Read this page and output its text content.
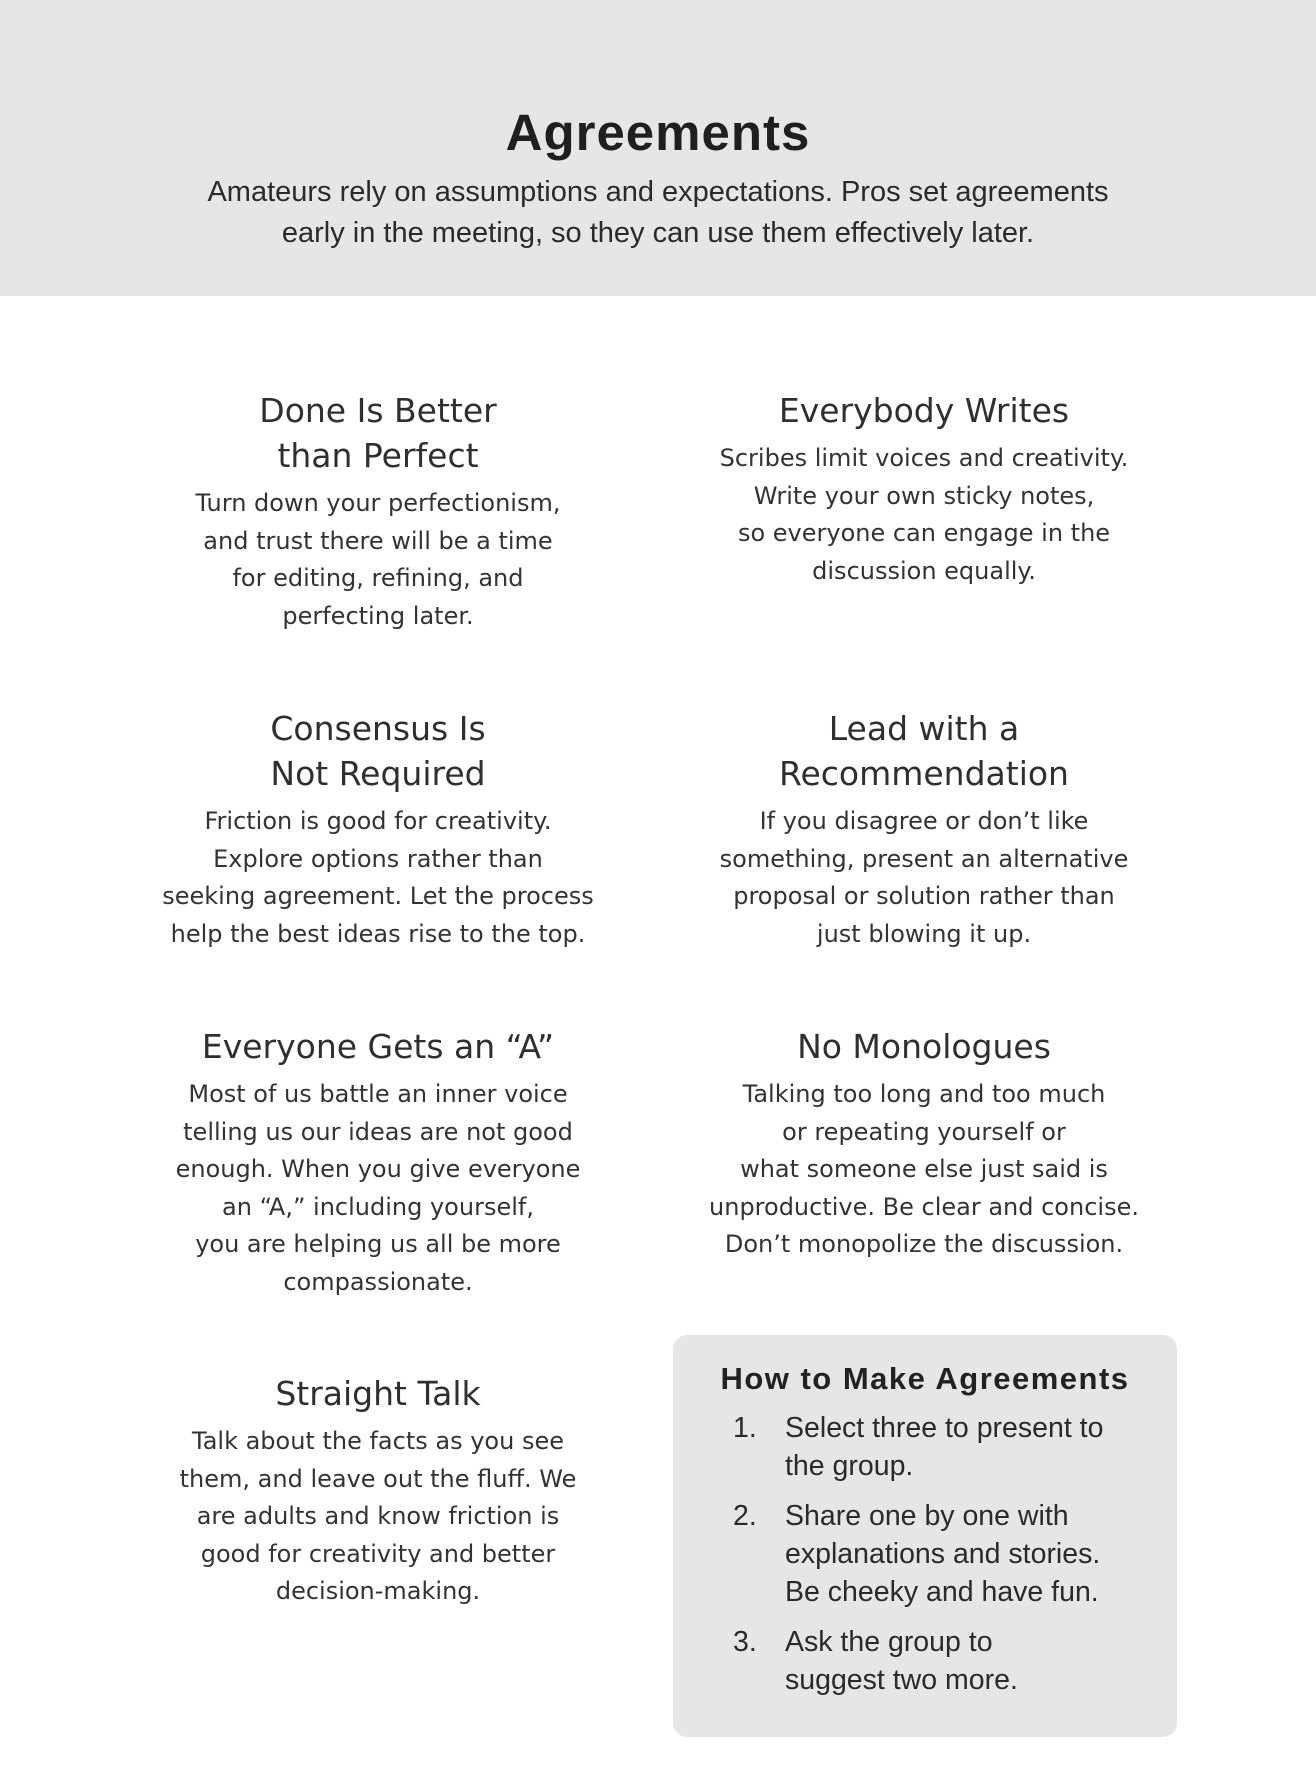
Agreements
Amateurs rely on assumptions and expectations. Pros set agreements
early in the meeting, so they can use them effectively later.
Done Is Better
than Perfect
Turn down your perfectionism,
and trust there will be a time
for editing, refining, and
perfecting later.
Everybody Writes
Scribes limit voices and creativity.
Write your own sticky notes,
so everyone can engage in the
discussion equally.
Consensus Is
Not Required
Friction is good for creativity.
Explore options rather than
seeking agreement. Let the process
help the best ideas rise to the top.
Lead with a
Recommendation
If you disagree or don’t like
something, present an alternative
proposal or solution rather than
just blowing it up.
Everyone Gets an “A”
Most of us battle an inner voice
telling us our ideas are not good
enough. When you give everyone
an “A,” including yourself,
you are helping us all be more
compassionate.
No Monologues
Talking too long and too much
or repeating yourself or
what someone else just said is
unproductive. Be clear and concise.
Don’t monopolize the discussion.
Straight Talk
Talk about the facts as you see
them, and leave out the fluff. We
are adults and know friction is
good for creativity and better
decision-making.
How to Make Agreements
1. Select three to present to
the group.
2. Share one by one with
explanations and stories.
Be cheeky and have fun.
3. Ask the group to
suggest two more.
